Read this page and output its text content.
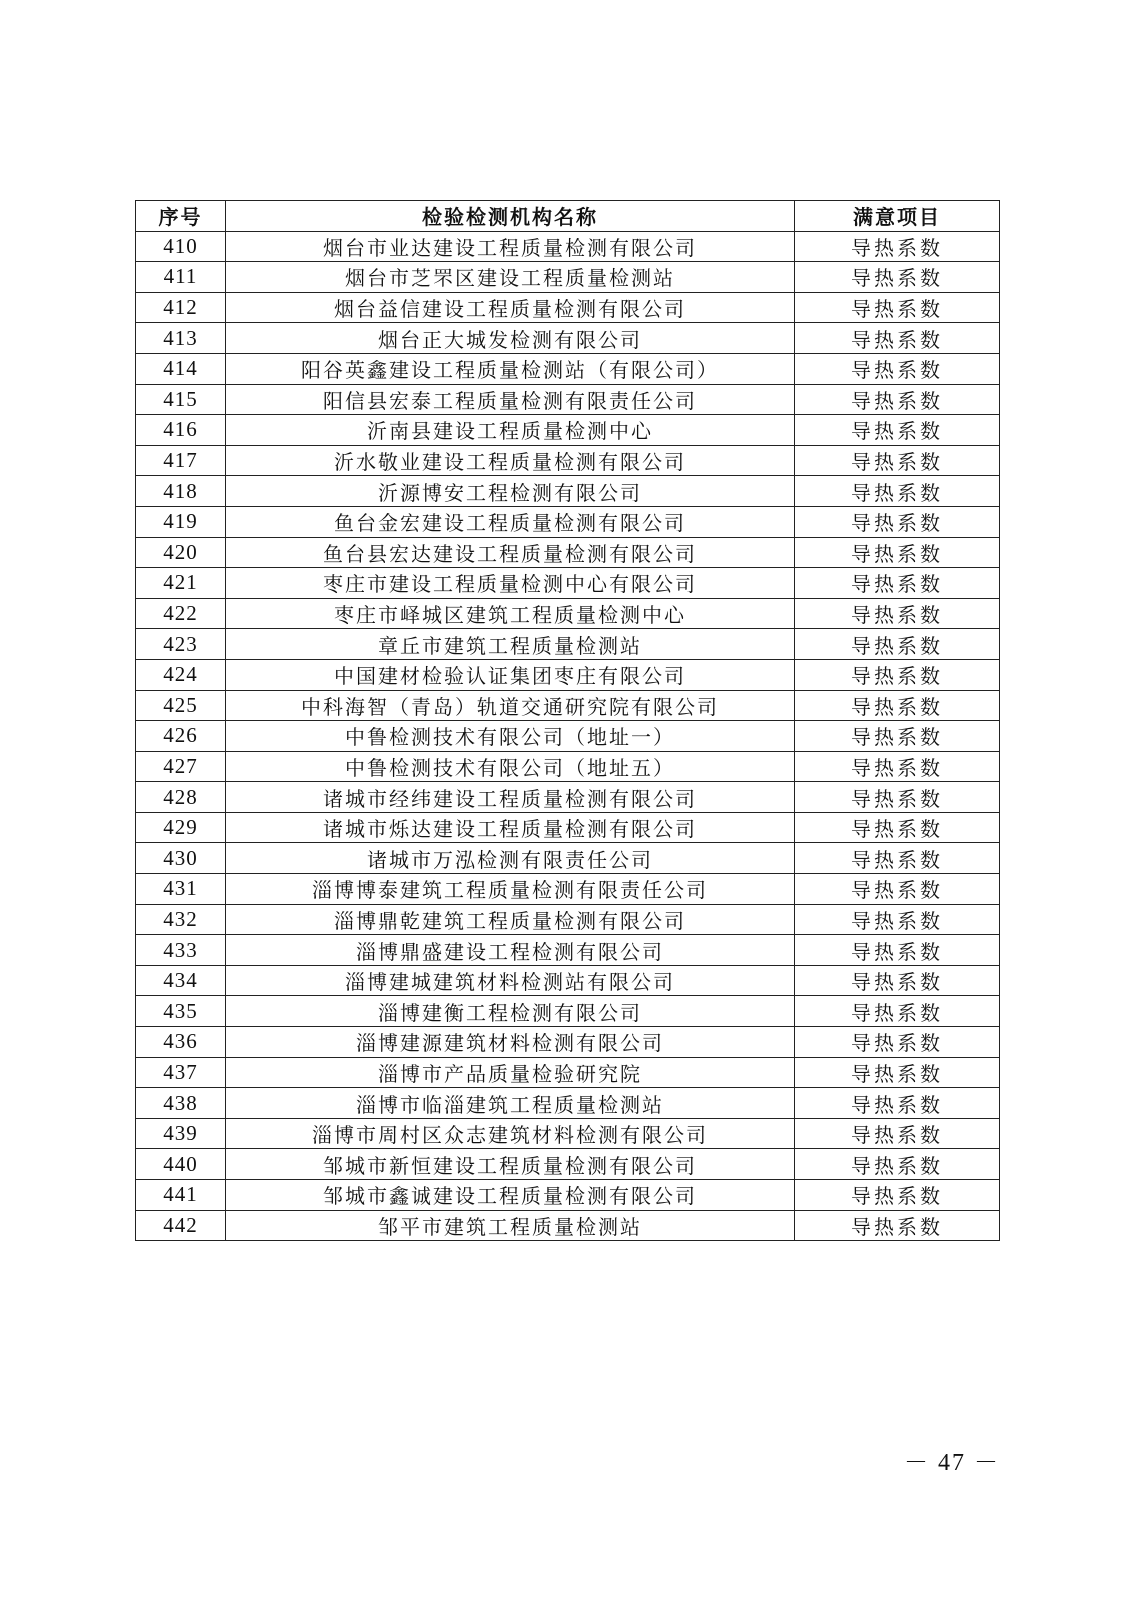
序号	检验检测机构名称	满意项目
410	烟台市业达建设工程质量检测有限公司	导热系数
411	烟台市芝罘区建设工程质量检测站	导热系数
412	烟台益信建设工程质量检测有限公司	导热系数
413	烟台正大城发检测有限公司	导热系数
414	阳谷英鑫建设工程质量检测站（有限公司）	导热系数
415	阳信县宏泰工程质量检测有限责任公司	导热系数
416	沂南县建设工程质量检测中心	导热系数
417	沂水敬业建设工程质量检测有限公司	导热系数
418	沂源博安工程检测有限公司	导热系数
419	鱼台金宏建设工程质量检测有限公司	导热系数
420	鱼台县宏达建设工程质量检测有限公司	导热系数
421	枣庄市建设工程质量检测中心有限公司	导热系数
422	枣庄市峄城区建筑工程质量检测中心	导热系数
423	章丘市建筑工程质量检测站	导热系数
424	中国建材检验认证集团枣庄有限公司	导热系数
425	中科海智（青岛）轨道交通研究院有限公司	导热系数
426	中鲁检测技术有限公司（地址一）	导热系数
427	中鲁检测技术有限公司（地址五）	导热系数
428	诸城市经纬建设工程质量检测有限公司	导热系数
429	诸城市烁达建设工程质量检测有限公司	导热系数
430	诸城市万泓检测有限责任公司	导热系数
431	淄博博泰建筑工程质量检测有限责任公司	导热系数
432	淄博鼎乾建筑工程质量检测有限公司	导热系数
433	淄博鼎盛建设工程检测有限公司	导热系数
434	淄博建城建筑材料检测站有限公司	导热系数
435	淄博建衡工程检测有限公司	导热系数
436	淄博建源建筑材料检测有限公司	导热系数
437	淄博市产品质量检验研究院	导热系数
438	淄博市临淄建筑工程质量检测站	导热系数
439	淄博市周村区众志建筑材料检测有限公司	导热系数
440	邹城市新恒建设工程质量检测有限公司	导热系数
441	邹城市鑫诚建设工程质量检测有限公司	导热系数
442	邹平市建筑工程质量检测站	导热系数
－ 47 －
